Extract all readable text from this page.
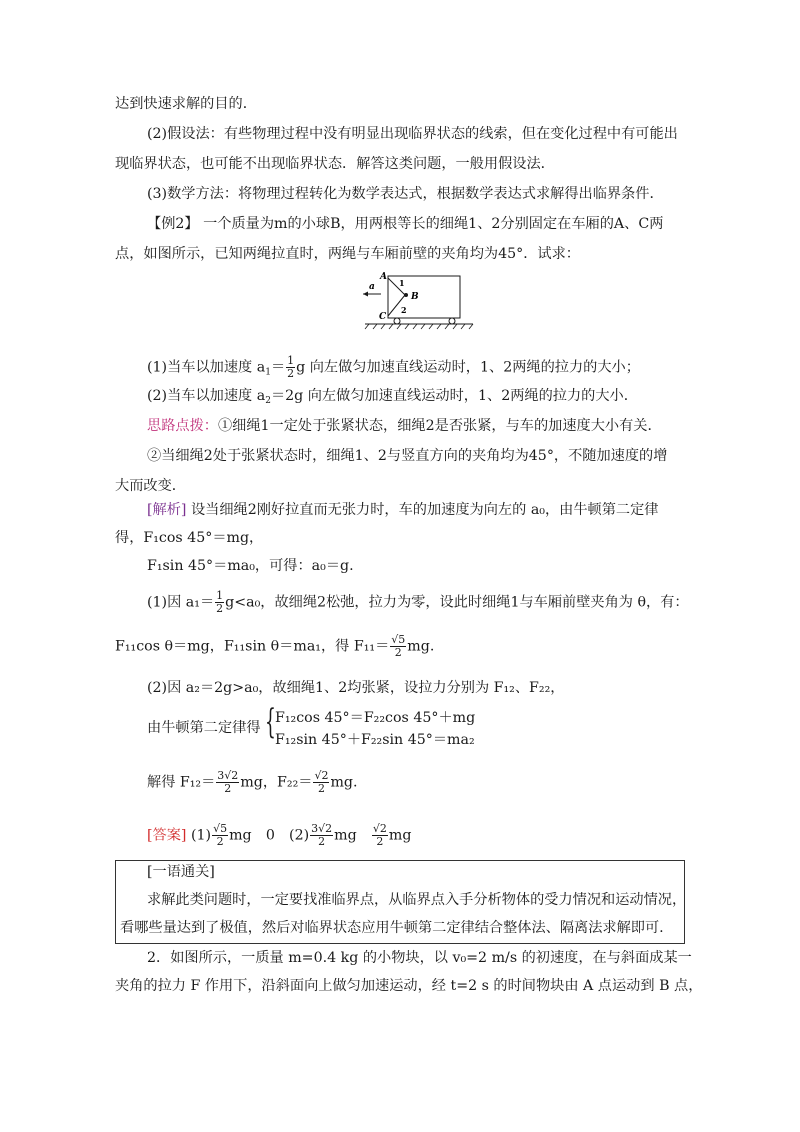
达到快速求解的目的．
(2)假设法：有些物理过程中没有明显出现临界状态的线索，但在变化过程中有可能出
现临界状态，也可能不出现临界状态．解答这类问题，一般用假设法．
(3)数学方法：将物理过程转化为数学表达式，根据数学表达式求解得出临界条件．
【例2】 一个质量为m的小球B，用两根等长的细绳1、2分别固定在车厢的A、C两
点，如图所示，已知两绳拉直时，两绳与车厢前壁的夹角均为45°．试求：
a
A
B
C
1
2
(1)当车以加速度 $a_1= \frac{1}{2}$ g 向左做匀加速直线运动时，1、2两绳的拉力的大小；
(2)当车以加速度 $a_2=2g$ 向左做匀加速直线运动时，1、2两绳的拉力的大小．
思路点拨：①细绳1一定处于张紧状态，细绳2是否张紧，与车的加速度大小有关．
②当细绳2处于张紧状态时，细绳1、2与竖直方向的夹角均为45°，不随加速度的增
大而改变．
[解析] 设当细绳2刚好拉直而无张力时，车的加速度为向左的 a₀，由牛顿第二定律
得，F₁cos 45°＝mg，
F₁sin 45°＝ma₀，可得：a₀＝g.
(1)因 $a_1= \frac{1}{2} g<a_0$，故细绳2松弛，拉力为零，设此时细绳1与车厢前壁夹角为 θ，有：
F₁₁cos θ＝mg，F₁₁sin θ＝ma₁，得 $F_{11}= \frac{√5}{2}$ mg.
(2)因 a₂＝2g>a₀，故细绳1、2均张紧，设拉力分别为 F₁₂、F₂₂，
由牛顿第二定律得 { F₁₂cos 45°＝F₂₂cos 45°＋mg
F₁₂sin 45°＋F₂₂sin 45°＝ma₂
解得 $F_{12}= \frac{3√2}{2}$ mg，$F_{22}= \frac{√2}{2}$ mg.
[答案] $(1) \frac{√5}{2}$ mg　0　$(2) \frac{3√2}{2}$ mg　 $\frac{√2}{2}$ mg
[一语通关]
求解此类问题时，一定要找准临界点，从临界点入手分析物体的受力情况和运动情况，
看哪些量达到了极值，然后对临界状态应用牛顿第二定律结合整体法、隔离法求解即可.
2．如图所示，一质量 m=0.4 kg 的小物块，以 v₀=2 m/s 的初速度，在与斜面成某一
夹角的拉力 F 作用下，沿斜面向上做匀加速运动，经 t=2 s 的时间物块由 A 点运动到 B 点，
